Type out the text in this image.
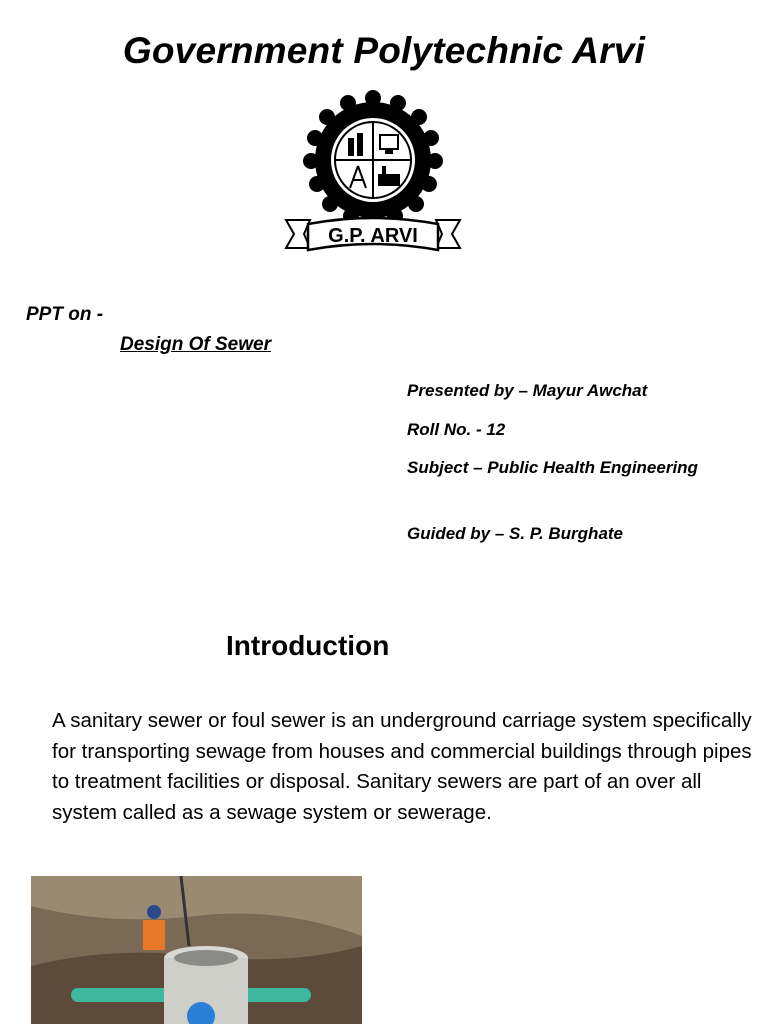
Government Polytechnic Arvi
G.P. ARVI
PPT on -
Design Of Sewer
Presented by – Mayur Awchat
Roll No. - 12
Subject – Public Health Engineering
Guided by – S. P. Burghate
Introduction
A sanitary sewer or foul sewer is an underground carriage system specifically for transporting sewage from houses and commercial buildings through pipes to treatment facilities or disposal. Sanitary sewers are part of an over all system called as a sewage system or sewerage.
